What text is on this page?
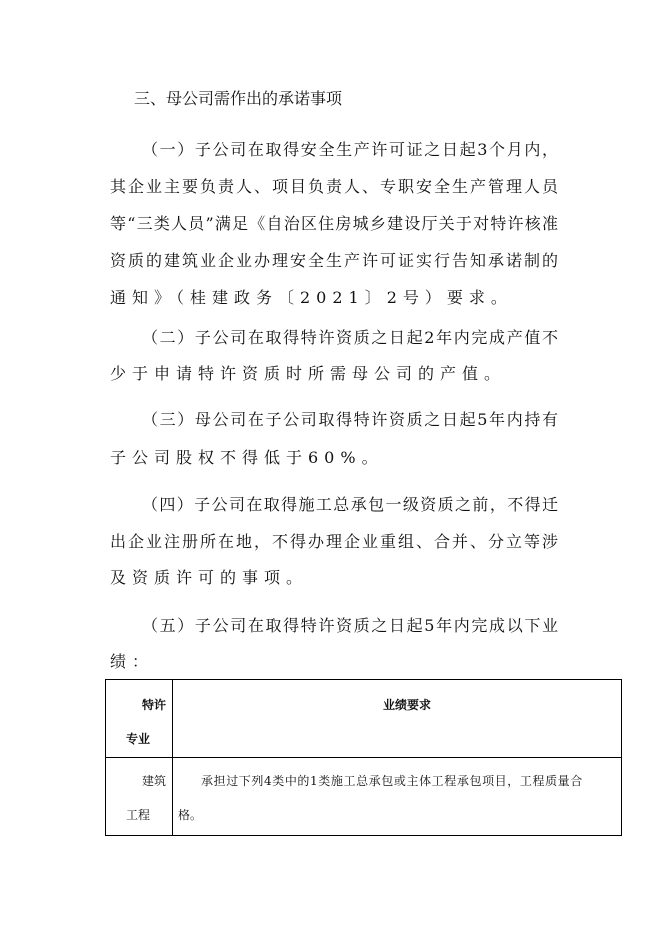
三、母公司需作出的承诺事项
（一）子公司在取得安全生产许可证之日起3个月内，
其企业主要负责人、项目负责人、专职安全生产管理人员
等“三类人员”满足《自治区住房城乡建设厅关于对特许核准
资质的建筑业企业办理安全生产许可证实行告知承诺制的
通知》（桂建政务〔2021〕2号）要求。
（二）子公司在取得特许资质之日起2年内完成产值不
少于申请特许资质时所需母公司的产值。
（三）母公司在子公司取得特许资质之日起5年内持有
子公司股权不得低于60%。
（四）子公司在取得施工总承包一级资质之前，不得迁
出企业注册所在地，不得办理企业重组、合并、分立等涉
及资质许可的事项。
（五）子公司在取得特许资质之日起5年内完成以下业
绩：
特许
专业	业绩要求

建筑
工程	承担过下列4类中的1类施工总承包或主体工程承包项目，工程质量合
格。
